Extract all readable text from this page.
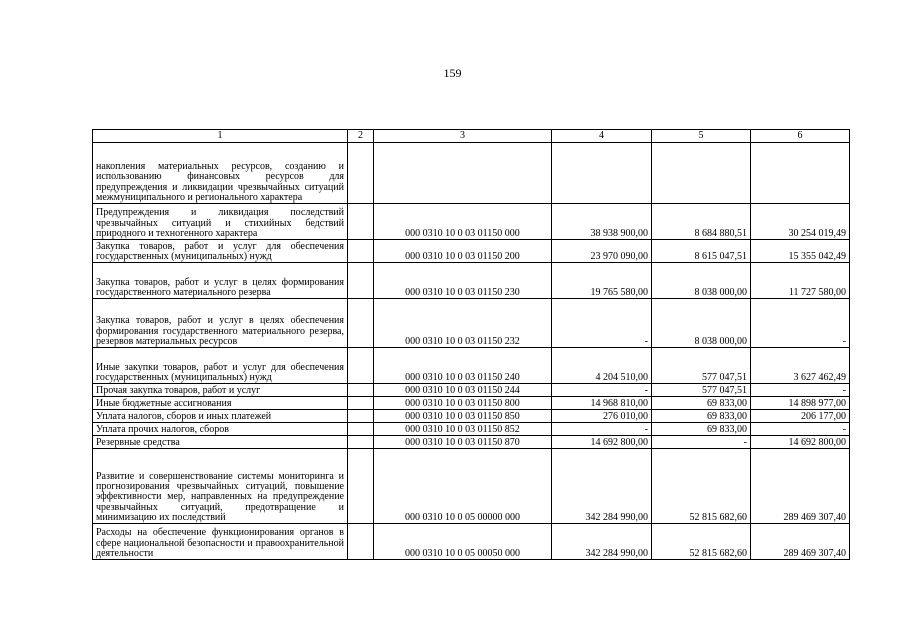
159
1	2	3	4	5	6
накопления материальных ресурсов, созданию и использованию финансовых ресурсов для предупреждения и ликвидации чрезвычайных ситуаций межмуниципального и регионального характера					
Предупреждения и ликвидация последствий чрезвычайных ситуаций и стихийных бедствий природного и техногенного характера		000 0310 10 0 03 01150 000	38 938 900,00	8 684 880,51	30 254 019,49
Закупка товаров, работ и услуг для обеспечения государственных (муниципальных) нужд		000 0310 10 0 03 01150 200	23 970 090,00	8 615 047,51	15 355 042,49
Закупка товаров, работ и услуг в целях формирования государственного материального резерва		000 0310 10 0 03 01150 230	19 765 580,00	8 038 000,00	11 727 580,00
Закупка товаров, работ и услуг в целях обеспечения формирования государственного материального резерва, резервов материальных ресурсов		000 0310 10 0 03 01150 232	-	8 038 000,00	-
Иные закупки товаров, работ и услуг для обеспечения государственных (муниципальных) нужд		000 0310 10 0 03 01150 240	4 204 510,00	577 047,51	3 627 462,49
Прочая закупка товаров, работ и услуг		000 0310 10 0 03 01150 244	-	577 047,51	-
Иные бюджетные ассигнования		000 0310 10 0 03 01150 800	14 968 810,00	69 833,00	14 898 977,00
Уплата налогов, сборов и иных платежей		000 0310 10 0 03 01150 850	276 010,00	69 833,00	206 177,00
Уплата прочих налогов, сборов		000 0310 10 0 03 01150 852	-	69 833,00	-
Резервные средства		000 0310 10 0 03 01150 870	14 692 800,00	-	14 692 800,00
Развитие и совершенствование системы мониторинга и прогнозирования чрезвычайных ситуаций, повышение эффективности мер, направленных на предупреждение чрезвычайных ситуаций, предотвращение и минимизацию их последствий		000 0310 10 0 05 00000 000	342 284 990,00	52 815 682,60	289 469 307,40
Расходы на обеспечение функционирования органов в сфере национальной безопасности и правоохранительной деятельности		000 0310 10 0 05 00050 000	342 284 990,00	52 815 682,60	289 469 307,40
